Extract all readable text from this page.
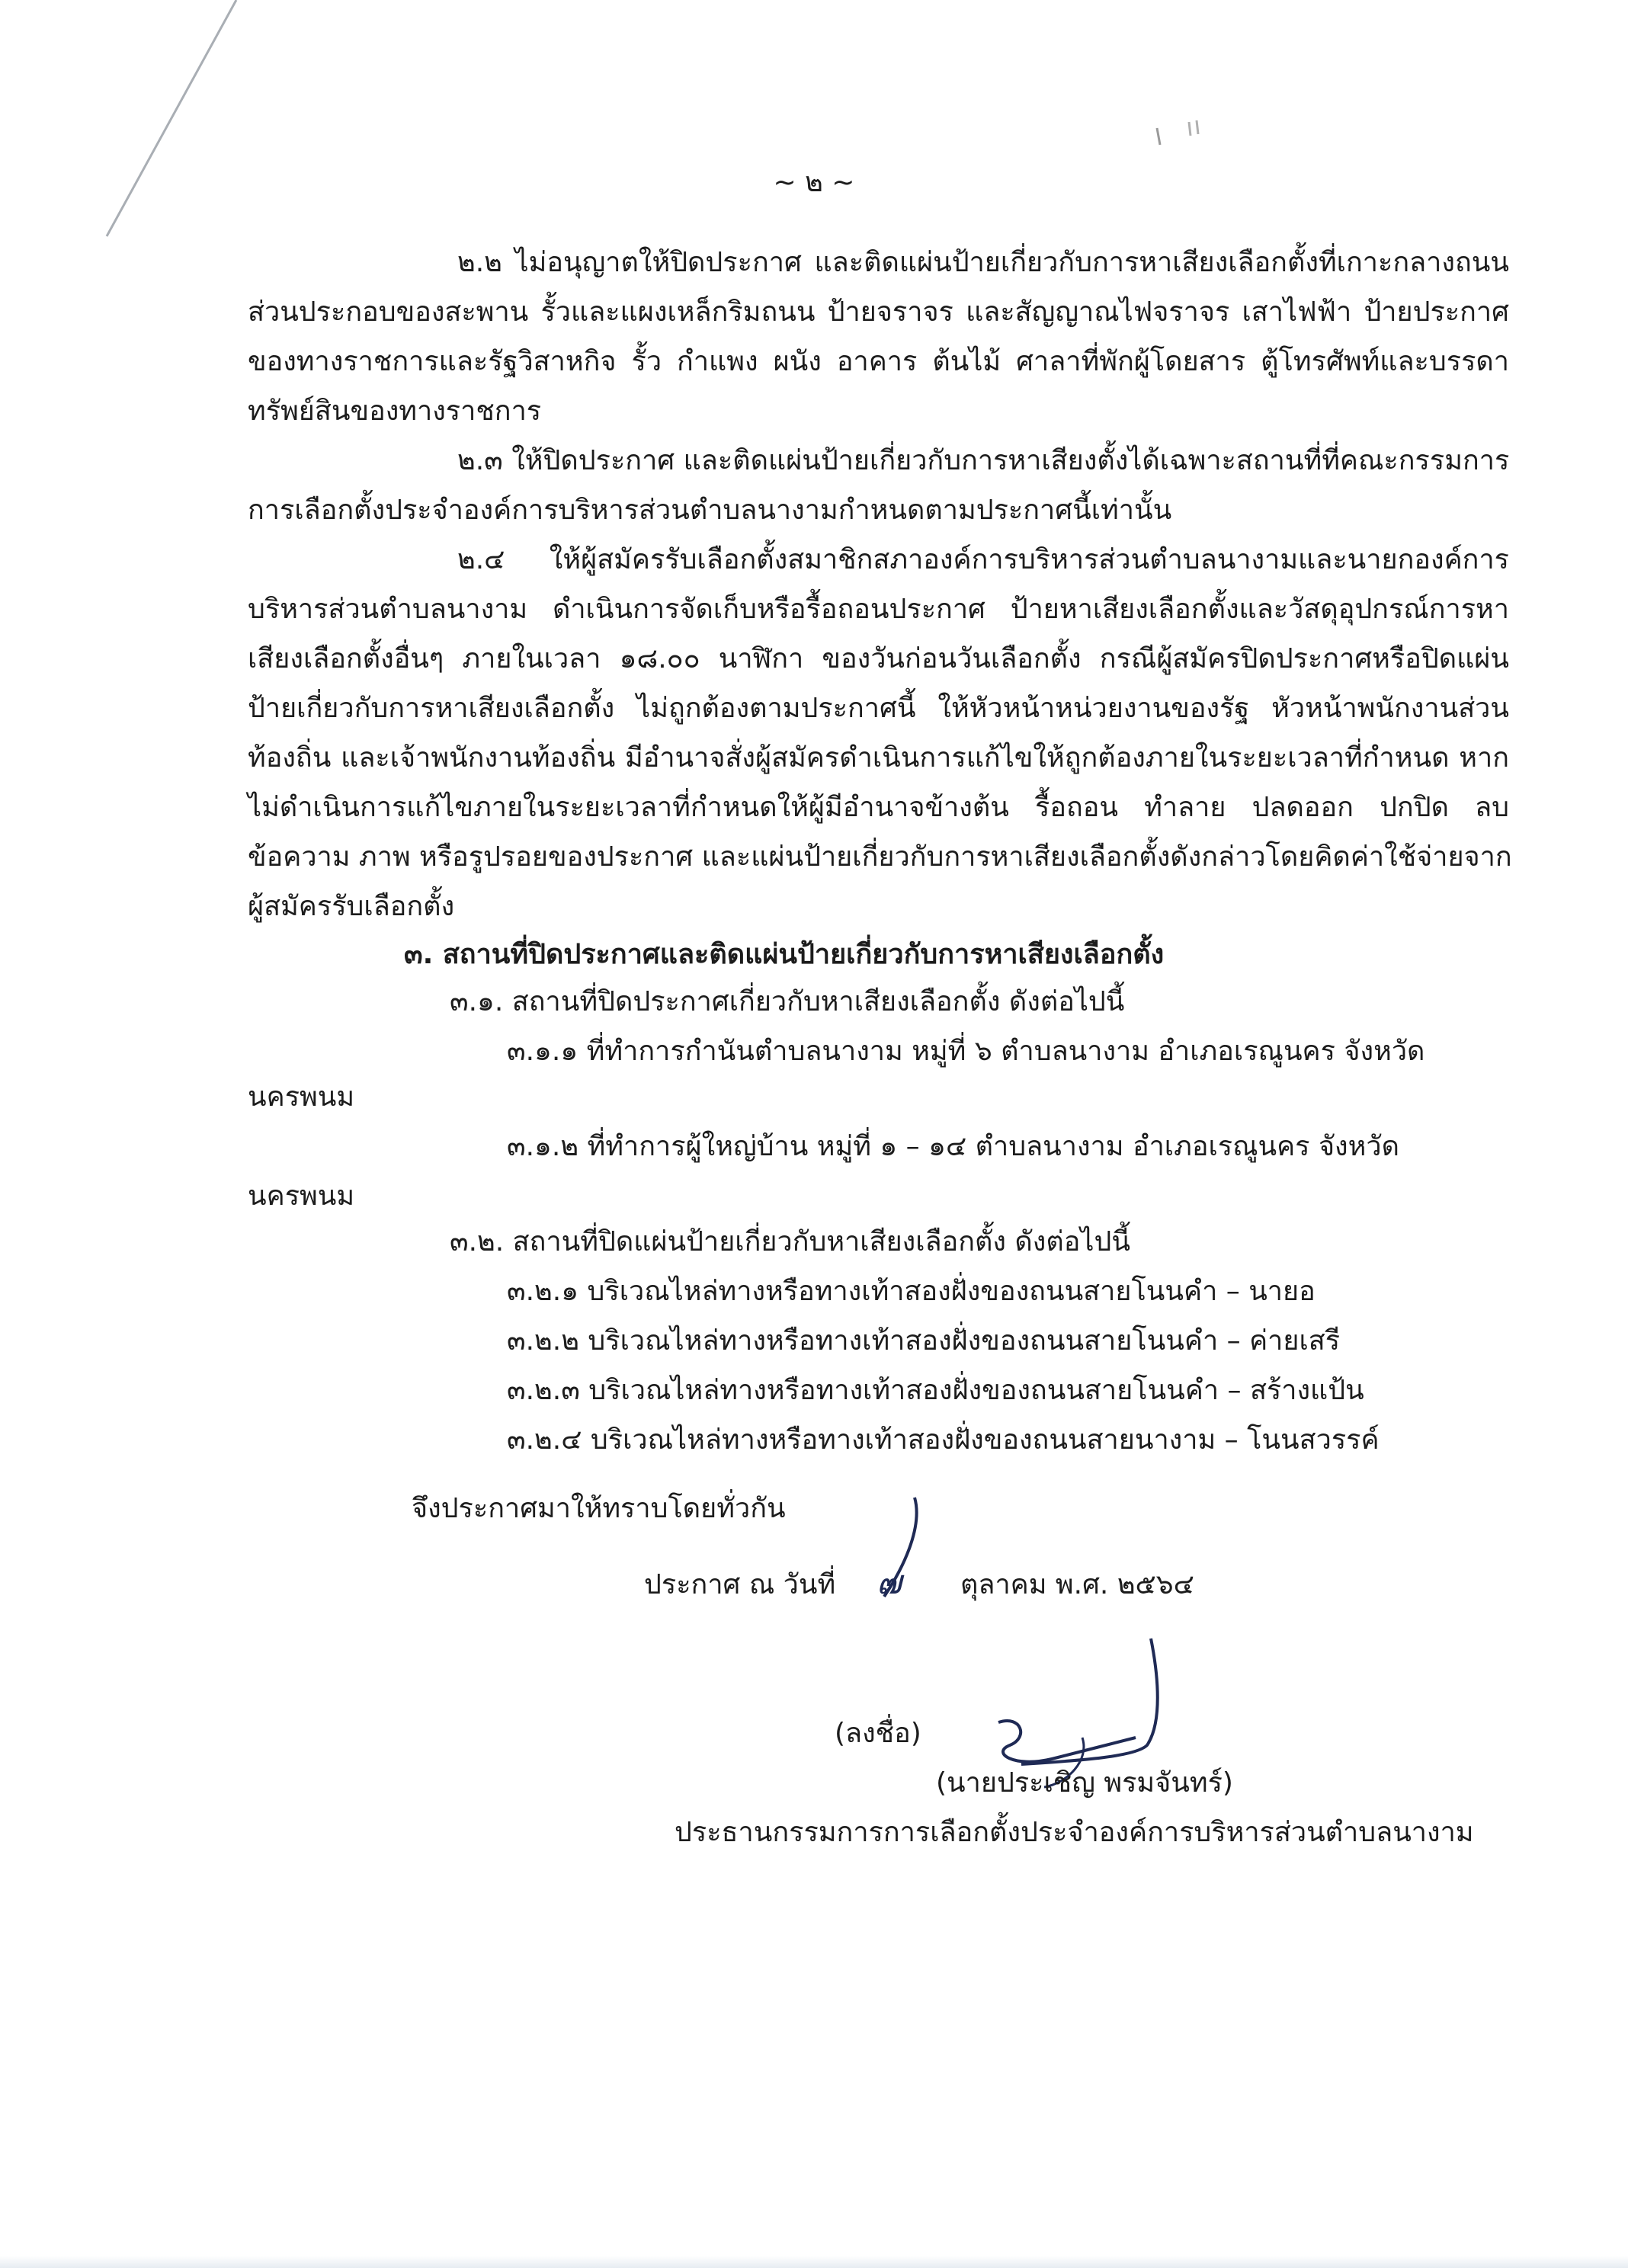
~ ๒ ~
๒.๒ ไม่อนุญาตให้ปิดประกาศ และติดแผ่นป้ายเกี่ยวกับการหาเสียงเลือกตั้งที่เกาะกลางถนน
ส่วนประกอบของสะพาน รั้วและแผงเหล็กริมถนน ป้ายจราจร และสัญญาณไฟจราจร เสาไฟฟ้า ป้ายประกาศ
ของทางราชการและรัฐวิสาหกิจ รั้ว กำแพง ผนัง อาคาร ต้นไม้ ศาลาที่พักผู้โดยสาร ตู้โทรศัพท์และบรรดา
ทรัพย์สินของทางราชการ
๒.๓ ให้ปิดประกาศ และติดแผ่นป้ายเกี่ยวกับการหาเสียงตั้งได้เฉพาะสถานที่ที่คณะกรรมการ
การเลือกตั้งประจำองค์การบริหารส่วนตำบลนางามกำหนดตามประกาศนี้เท่านั้น
๒.๔ ให้ผู้สมัครรับเลือกตั้งสมาชิกสภาองค์การบริหารส่วนตำบลนางามและนายกองค์การ
บริหารส่วนตำบลนางาม ดำเนินการจัดเก็บหรือรื้อถอนประกาศ ป้ายหาเสียงเลือกตั้งและวัสดุอุปกรณ์การหา
เสียงเลือกตั้งอื่นๆ ภายในเวลา ๑๘.๐๐ นาฬิกา ของวันก่อนวันเลือกตั้ง กรณีผู้สมัครปิดประกาศหรือปิดแผ่น
ป้ายเกี่ยวกับการหาเสียงเลือกตั้ง ไม่ถูกต้องตามประกาศนี้ ให้หัวหน้าหน่วยงานของรัฐ หัวหน้าพนักงานส่วน
ท้องถิ่น และเจ้าพนักงานท้องถิ่น มีอำนาจสั่งผู้สมัครดำเนินการแก้ไขให้ถูกต้องภายในระยะเวลาที่กำหนด หาก
ไม่ดำเนินการแก้ไขภายในระยะเวลาที่กำหนดให้ผู้มีอำนาจข้างต้น รื้อถอน ทำลาย ปลดออก ปกปิด ลบ
ข้อความ ภาพ หรือรูปรอยของประกาศ และแผ่นป้ายเกี่ยวกับการหาเสียงเลือกตั้งดังกล่าวโดยคิดค่าใช้จ่ายจาก
ผู้สมัครรับเลือกตั้ง
๓. สถานที่ปิดประกาศและติดแผ่นป้ายเกี่ยวกับการหาเสียงเลือกตั้ง
๓.๑. สถานที่ปิดประกาศเกี่ยวกับหาเสียงเลือกตั้ง ดังต่อไปนี้
๓.๑.๑ ที่ทำการกำนันตำบลนางาม หมู่ที่ ๖ ตำบลนางาม อำเภอเรณูนคร จังหวัด
นครพนม
๓.๑.๒ ที่ทำการผู้ใหญ่บ้าน หมู่ที่ ๑ – ๑๔ ตำบลนางาม อำเภอเรณูนคร จังหวัด
นครพนม
๓.๒. สถานที่ปิดแผ่นป้ายเกี่ยวกับหาเสียงเลือกตั้ง ดังต่อไปนี้
๓.๒.๑ บริเวณไหล่ทางหรือทางเท้าสองฝั่งของถนนสายโนนคำ – นายอ
๓.๒.๒ บริเวณไหล่ทางหรือทางเท้าสองฝั่งของถนนสายโนนคำ – ค่ายเสรี
๓.๒.๓ บริเวณไหล่ทางหรือทางเท้าสองฝั่งของถนนสายโนนคำ – สร้างแป้น
๓.๒.๔ บริเวณไหล่ทางหรือทางเท้าสองฝั่งของถนนสายนางาม – โนนสวรรค์
จึงประกาศมาให้ทราบโดยทั่วกัน
ประกาศ ณ วันที่ ๗ ตุลาคม พ.ศ. ๒๕๖๔
(ลงชื่อ)
(นายประเชิญ พรมจันทร์)
ประธานกรรมการการเลือกตั้งประจำองค์การบริหารส่วนตำบลนางาม
